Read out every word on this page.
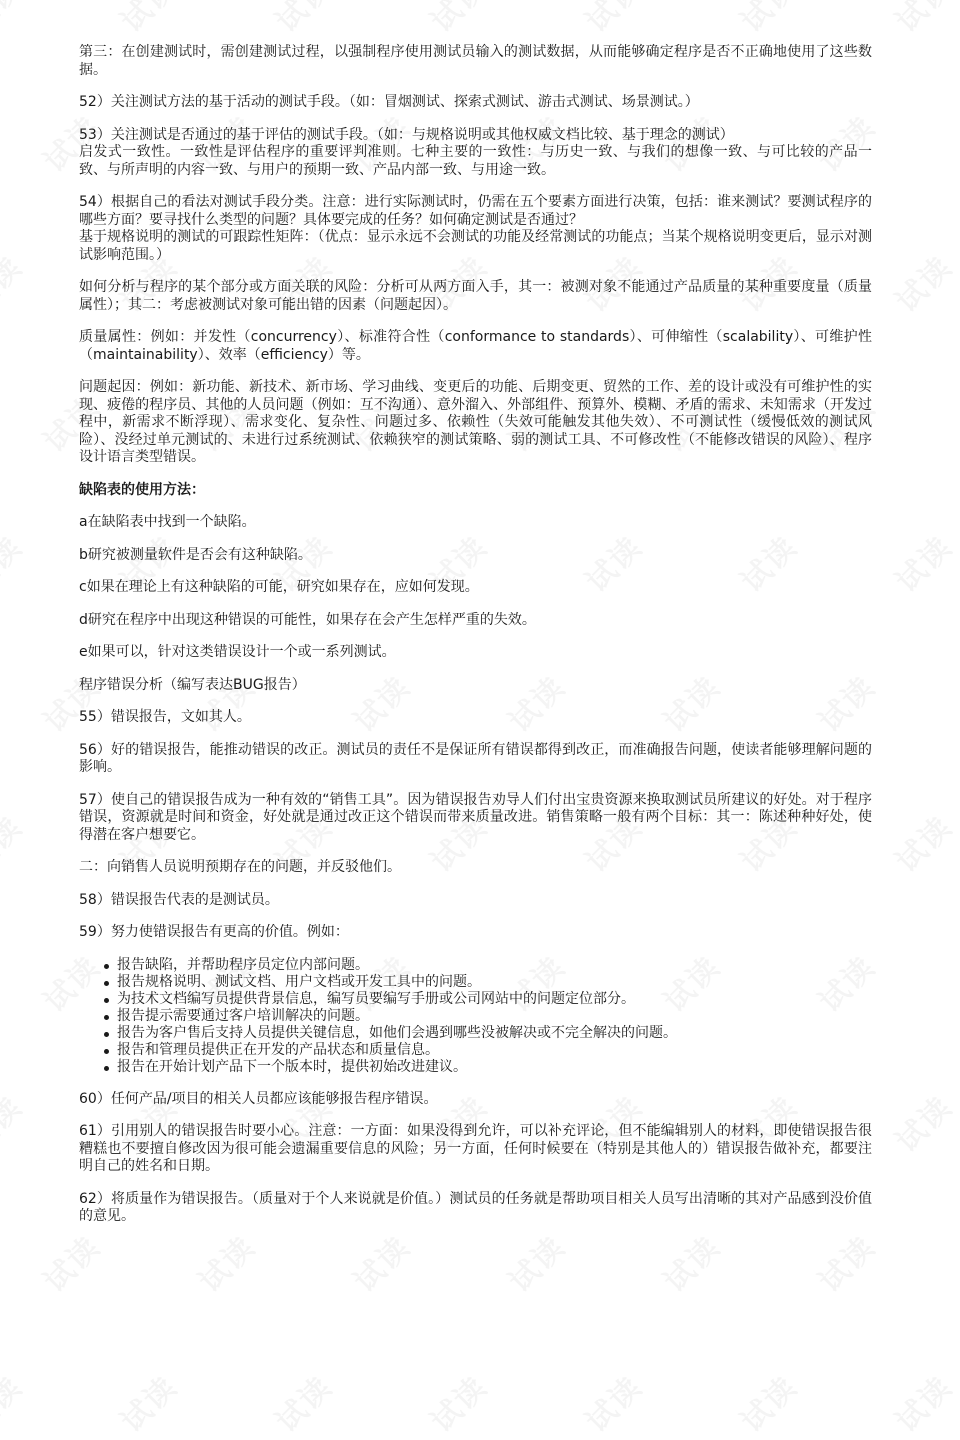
第三：在创建测试时，需创建测试过程，以强制程序使用测试员输入的测试数据，从而能够确定程序是否不正确地使用了这些数据。

52）关注测试方法的基于活动的测试手段。（如：冒烟测试、探索式测试、游击式测试、场景测试。）

53）关注测试是否通过的基于评估的测试手段。（如：与规格说明或其他权威文档比较、基于理念的测试）

启发式一致性。一致性是评估程序的重要评判准则。七种主要的一致性：与历史一致、与我们的想像一致、与可比较的产品一致、与所声明的内容一致、与用户的预期一致、产品内部一致、与用途一致。

54）根据自己的看法对测试手段分类。注意：进行实际测试时，仍需在五个要素方面进行决策，包括：谁来测试？要测试程序的哪些方面？要寻找什么类型的问题？具体要完成的任务？如何确定测试是否通过？

基于规格说明的测试的可跟踪性矩阵：（优点：显示永远不会测试的功能及经常测试的功能点；当某个规格说明变更后，显示对测试影响范围。）

如何分析与程序的某个部分或方面关联的风险：分析可从两方面入手，其一：被测对象不能通过产品质量的某种重要度量（质量属性）；其二：考虑被测试对象可能出错的因素（问题起因）。

质量属性：例如：并发性（concurrency）、标准符合性（conformance to standards）、可伸缩性（scalability）、可维护性（maintainability）、效率（efficiency）等。

问题起因：例如：新功能、新技术、新市场、学习曲线、变更后的功能、后期变更、贸然的工作、差的设计或没有可维护性的实现、疲倦的程序员、其他的人员问题（例如：互不沟通）、意外溜入、外部组件、预算外、模糊、矛盾的需求、未知需求（开发过程中，新需求不断浮现）、需求变化、复杂性、问题过多、依赖性（失效可能触发其他失效）、不可测试性（缓慢低效的测试风险）、没经过单元测试的、未进行过系统测试、依赖狭窄的测试策略、弱的测试工具、不可修改性（不能修改错误的风险）、程序设计语言类型错误。

缺陷表的使用方法：

a在缺陷表中找到一个缺陷。

b研究被测量软件是否会有这种缺陷。

c如果在理论上有这种缺陷的可能，研究如果存在，应如何发现。

d研究在程序中出现这种错误的可能性，如果存在会产生怎样严重的失效。

e如果可以，针对这类错误设计一个或一系列测试。

程序错误分析（编写表达BUG报告）

55）错误报告，文如其人。

56）好的错误报告，能推动错误的改正。测试员的责任不是保证所有错误都得到改正，而准确报告问题，使读者能够理解问题的影响。

57）使自己的错误报告成为一种有效的“销售工具”。因为错误报告劝导人们付出宝贵资源来换取测试员所建议的好处。对于程序错误，资源就是时间和资金，好处就是通过改正这个错误而带来质量改进。销售策略一般有两个目标：其一：陈述种种好处，使得潜在客户想要它。

二：向销售人员说明预期存在的问题，并反驳他们。

58）错误报告代表的是测试员。

59）努力使错误报告有更高的价值。例如：

报告缺陷，并帮助程序员定位内部问题。
报告规格说明、测试文档、用户文档或开发工具中的问题。
为技术文档编写员提供背景信息，编写员要编写手册或公司网站中的问题定位部分。
报告提示需要通过客户培训解决的问题。
报告为客户售后支持人员提供关键信息，如他们会遇到哪些没被解决或不完全解决的问题。
报告和管理员提供正在开发的产品状态和质量信息。
报告在开始计划产品下一个版本时，提供初始改进建议。

60）任何产品/项目的相关人员都应该能够报告程序错误。

61）引用别人的错误报告时要小心。注意：一方面：如果没得到允许，可以补充评论，但不能编辑别人的材料，即使错误报告很糟糕也不要擅自修改因为很可能会遗漏重要信息的风险；另一方面，任何时候要在（特别是其他人的）错误报告做补充，都要注明自己的姓名和日期。

62）将质量作为错误报告。（质量对于个人来说就是价值。）测试员的任务就是帮助项目相关人员写出清晰的其对产品感到没价值的意见。
